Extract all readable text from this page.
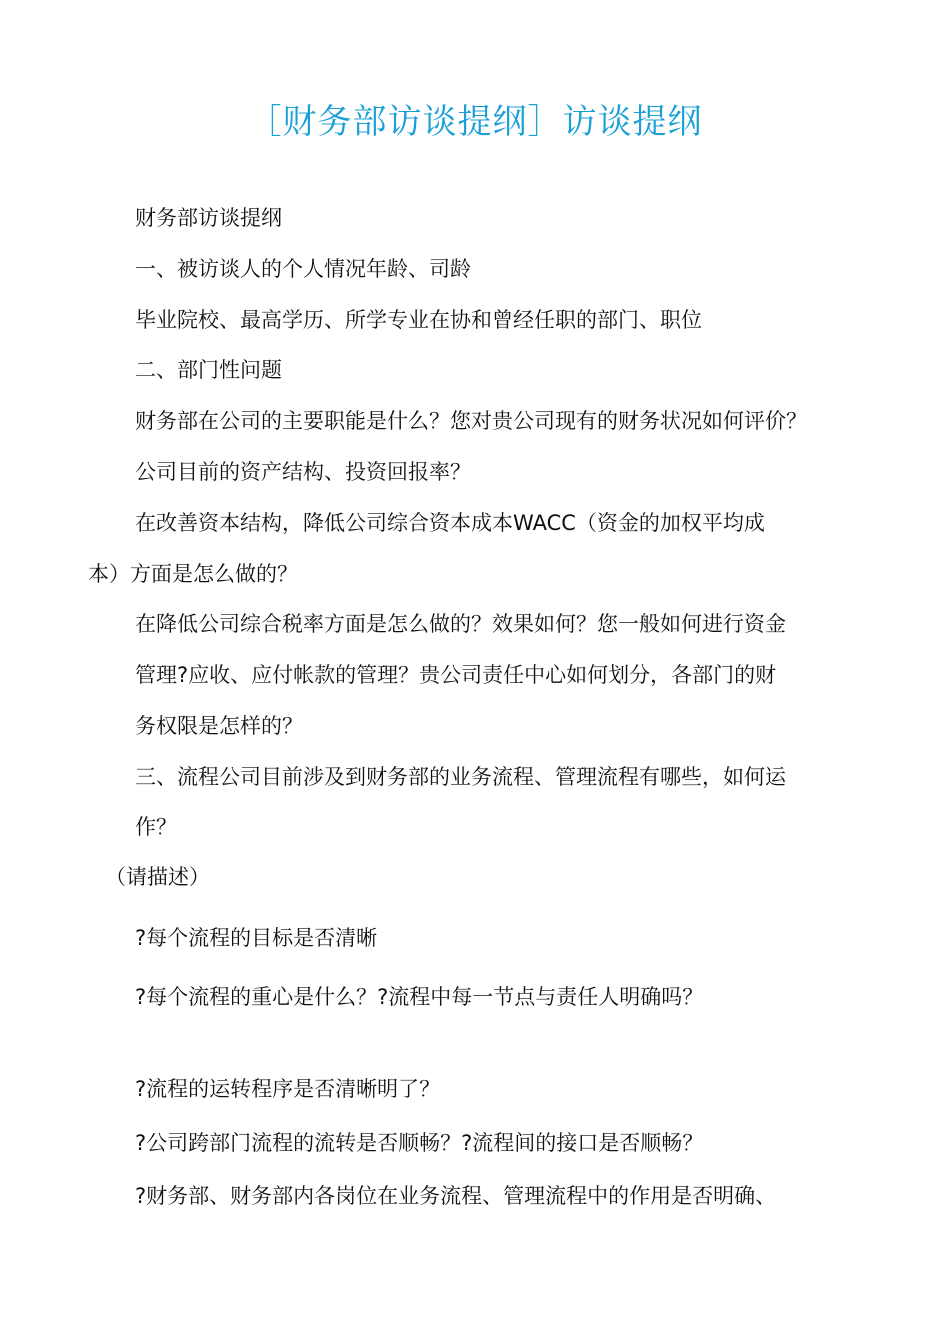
［财务部访谈提纲］访谈提纲
财务部访谈提纲
一、被访谈人的个人情况年龄、司龄
毕业院校、最高学历、所学专业在协和曾经任职的部门、职位
二、部门性问题
财务部在公司的主要职能是什么？您对贵公司现有的财务状况如何评价？
公司目前的资产结构、投资回报率？
在改善资本结构，降低公司综合资本成本WACC（资金的加权平均成
本）方面是怎么做的？
在降低公司综合税率方面是怎么做的？效果如何？您一般如何进行资金
管理?应收、应付帐款的管理？贵公司责任中心如何划分，各部门的财
务权限是怎样的？
三、流程公司目前涉及到财务部的业务流程、管理流程有哪些，如何运
作？
（请描述）
?每个流程的目标是否清晰
?每个流程的重心是什么？?流程中每一节点与责任人明确吗？
?流程的运转程序是否清晰明了？
?公司跨部门流程的流转是否顺畅？?流程间的接口是否顺畅？
?财务部、财务部内各岗位在业务流程、管理流程中的作用是否明确、
